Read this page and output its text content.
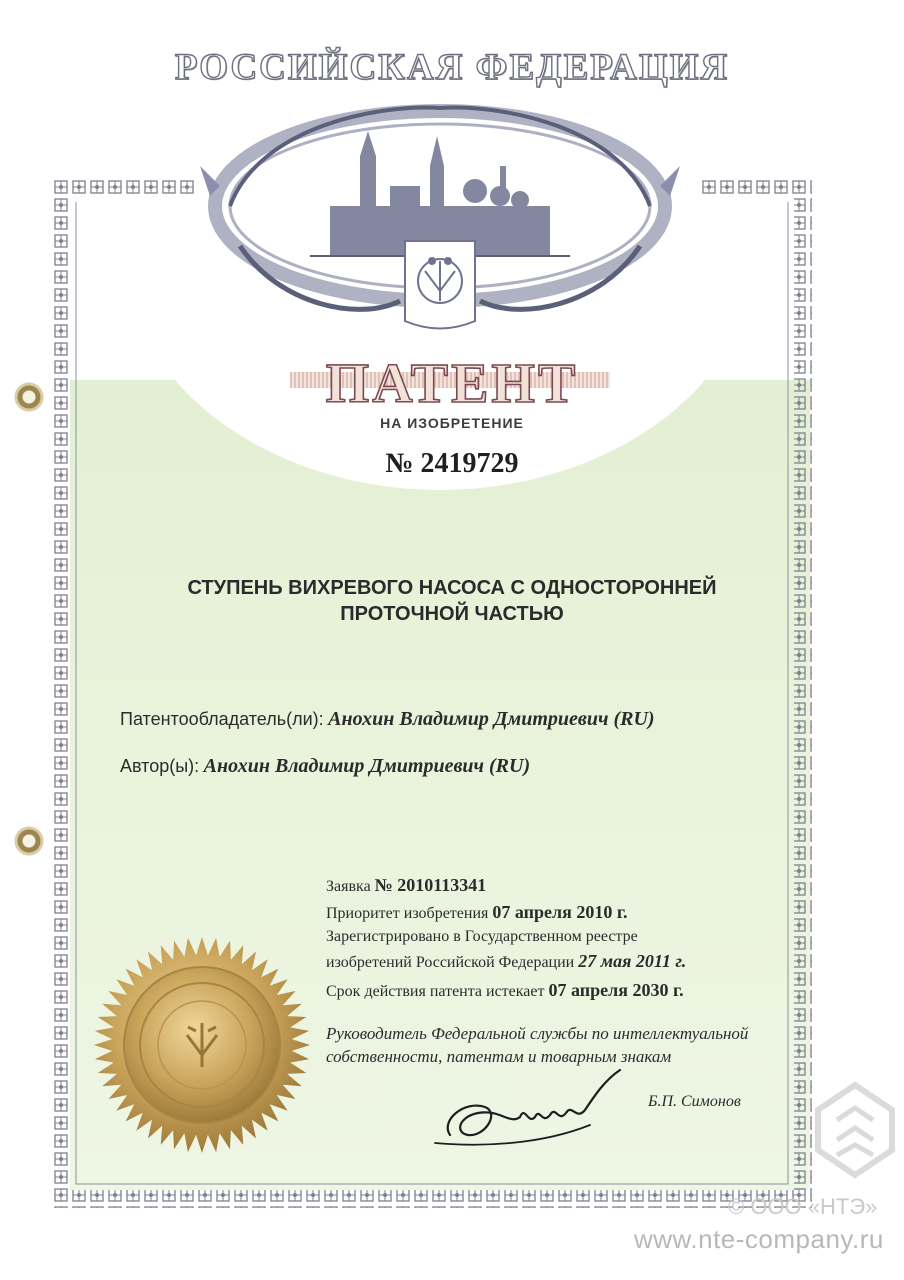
РОССИЙСКАЯ ФЕДЕРАЦИЯ
ПАТЕНТ
НА ИЗОБРЕТЕНИЕ
№ 2419729
СТУПЕНЬ ВИХРЕВОГО НАСОСА С ОДНОСТОРОННЕЙ
ПРОТОЧНОЙ ЧАСТЬЮ
Патентообладатель(ли): Анохин Владимир Дмитриевич (RU)
Автор(ы): Анохин Владимир Дмитриевич (RU)
Заявка № 2010113341
Приоритет изобретения 07 апреля 2010 г.
Зарегистрировано в Государственном реестре
изобретений Российской Федерации 27 мая 2011 г.
Срок действия патента истекает 07 апреля 2030 г.
Руководитель Федеральной службы по интеллектуальной
собственности, патентам и товарным знакам
Б.П. Симонов
© ООО «НТЭ»
www.nte-company.ru
